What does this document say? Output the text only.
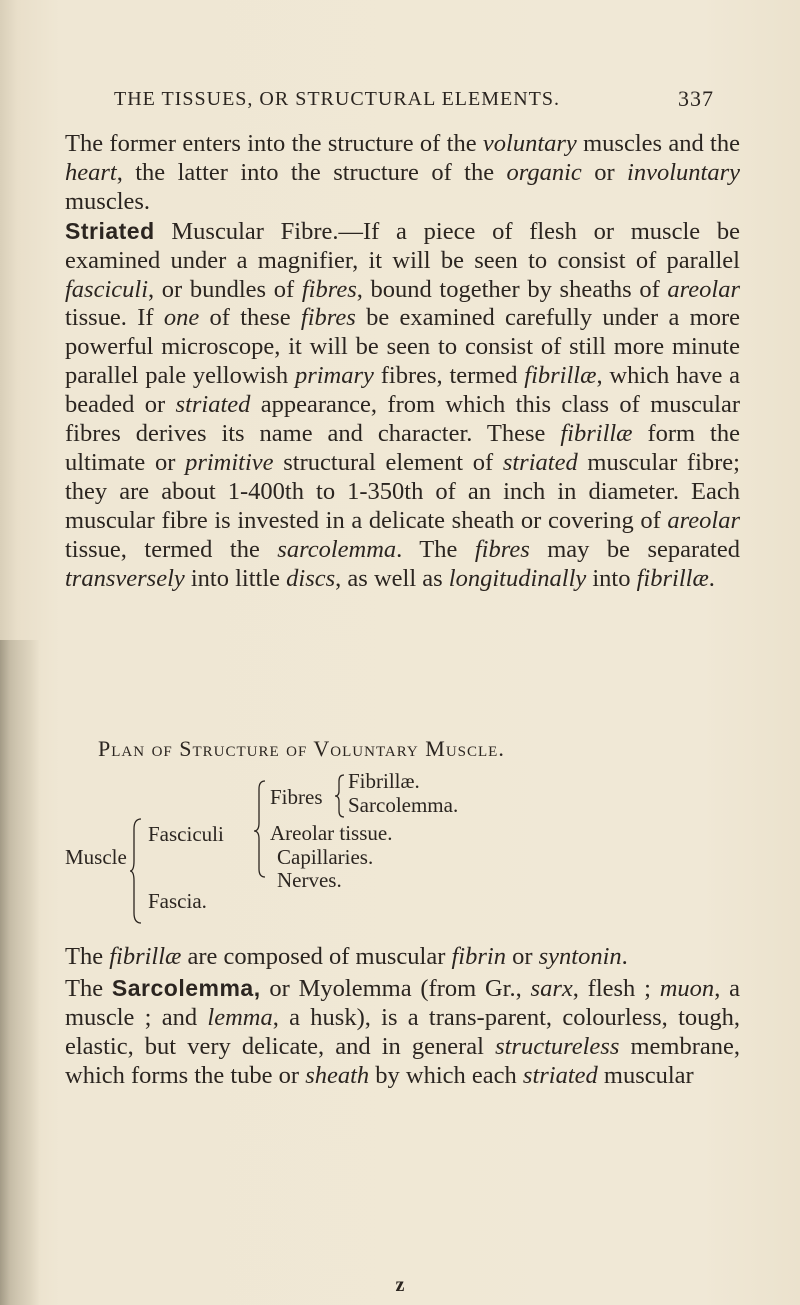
THE TISSUES, OR STRUCTURAL ELEMENTS.	337

The former enters into the structure of the voluntary muscles and the heart, the latter into the structure of the organic or involuntary muscles.

Striated Muscular Fibre.—If a piece of flesh or muscle be examined under a magnifier, it will be seen to consist of parallel fasciculi, or bundles of fibres, bound together by sheaths of areolar tissue. If one of these fibres be examined carefully under a more powerful microscope, it will be seen to consist of still more minute parallel pale yellowish primary fibres, termed fibrillæ, which have a beaded or striated appearance, from which this class of muscular fibres derives its name and character. These fibrillæ form the ultimate or primitive structural element of striated muscular fibre; they are about 1-400th to 1-350th of an inch in diameter. Each muscular fibre is invested in a delicate sheath or covering of areolar tissue, termed the sarcolemma. The fibres may be separated transversely into little discs, as well as longitudinally into fibrillæ.

Plan of Structure of Voluntary Muscle.
Muscle
Fasciculi
Fascia.
Fibres
Fibrillæ.
Sarcolemma.
Areolar tissue.
Capillaries.
Nerves.

The fibrillæ are composed of muscular fibrin or syntonin.

The Sarcolemma, or Myolemma (from Gr., sarx, flesh ; muon, a muscle ; and lemma, a husk), is a trans-parent, colourless, tough, elastic, but very delicate, and in general structureless membrane, which forms the tube or sheath by which each striated muscular

z
